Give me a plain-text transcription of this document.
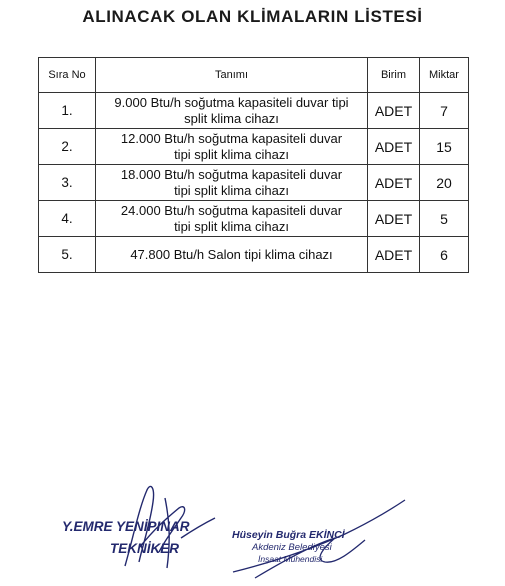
ALINACAK OLAN KLİMALARIN LİSTESİ
Sıra No	Tanımı	Birim	Miktar
1.	9.000 Btu/h soğutma kapasiteli duvar tipi
split klima cihazı	ADET	7
2.	12.000 Btu/h soğutma kapasiteli duvar
tipi split klima cihazı	ADET	15
3.	18.000 Btu/h soğutma kapasiteli duvar
tipi split klima cihazı	ADET	20
4.	24.000 Btu/h soğutma kapasiteli duvar
tipi split klima cihazı	ADET	5
5.	47.800 Btu/h Salon tipi klima cihazı	ADET	6
Y.EMRE YENİPINAR
TEKNİKER
Hüseyin Buğra EKİNCİ
Akdeniz Belediyesi
İnşaat Mühendisi
